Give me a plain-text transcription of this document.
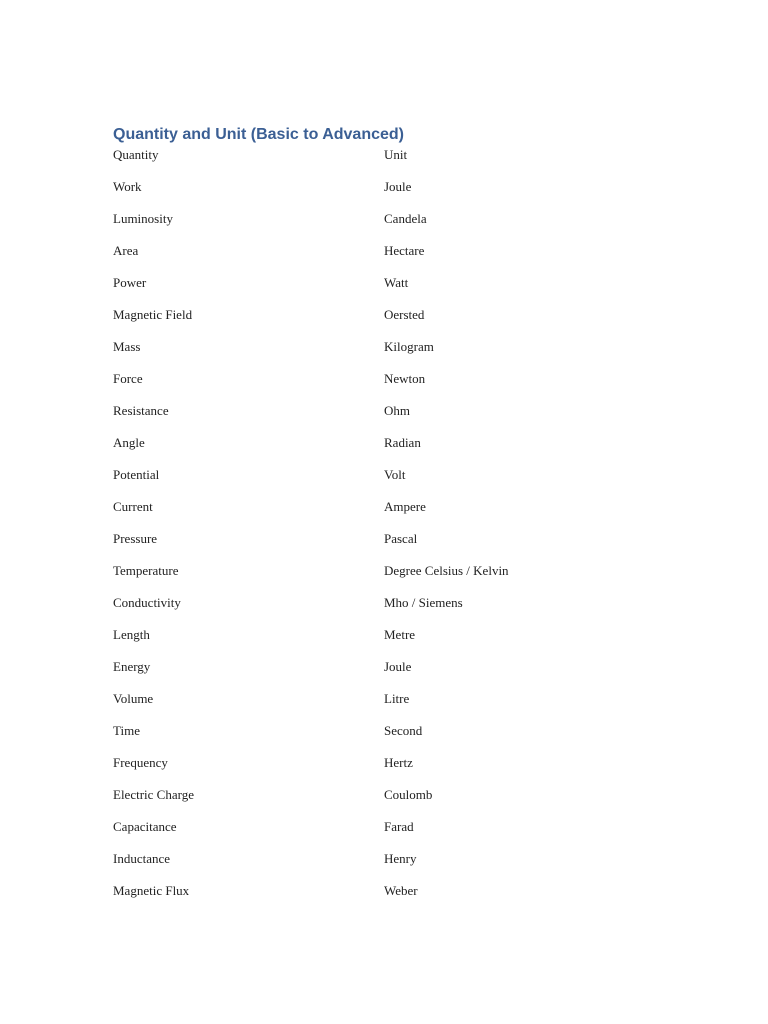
Quantity and Unit (Basic to Advanced)
Quantity	Unit
Work	Joule
Luminosity	Candela
Area	Hectare
Power	Watt
Magnetic Field	Oersted
Mass	Kilogram
Force	Newton
Resistance	Ohm
Angle	Radian
Potential	Volt
Current	Ampere
Pressure	Pascal
Temperature	Degree Celsius / Kelvin
Conductivity	Mho / Siemens
Length	Metre
Energy	Joule
Volume	Litre
Time	Second
Frequency	Hertz
Electric Charge	Coulomb
Capacitance	Farad
Inductance	Henry
Magnetic Flux	Weber
